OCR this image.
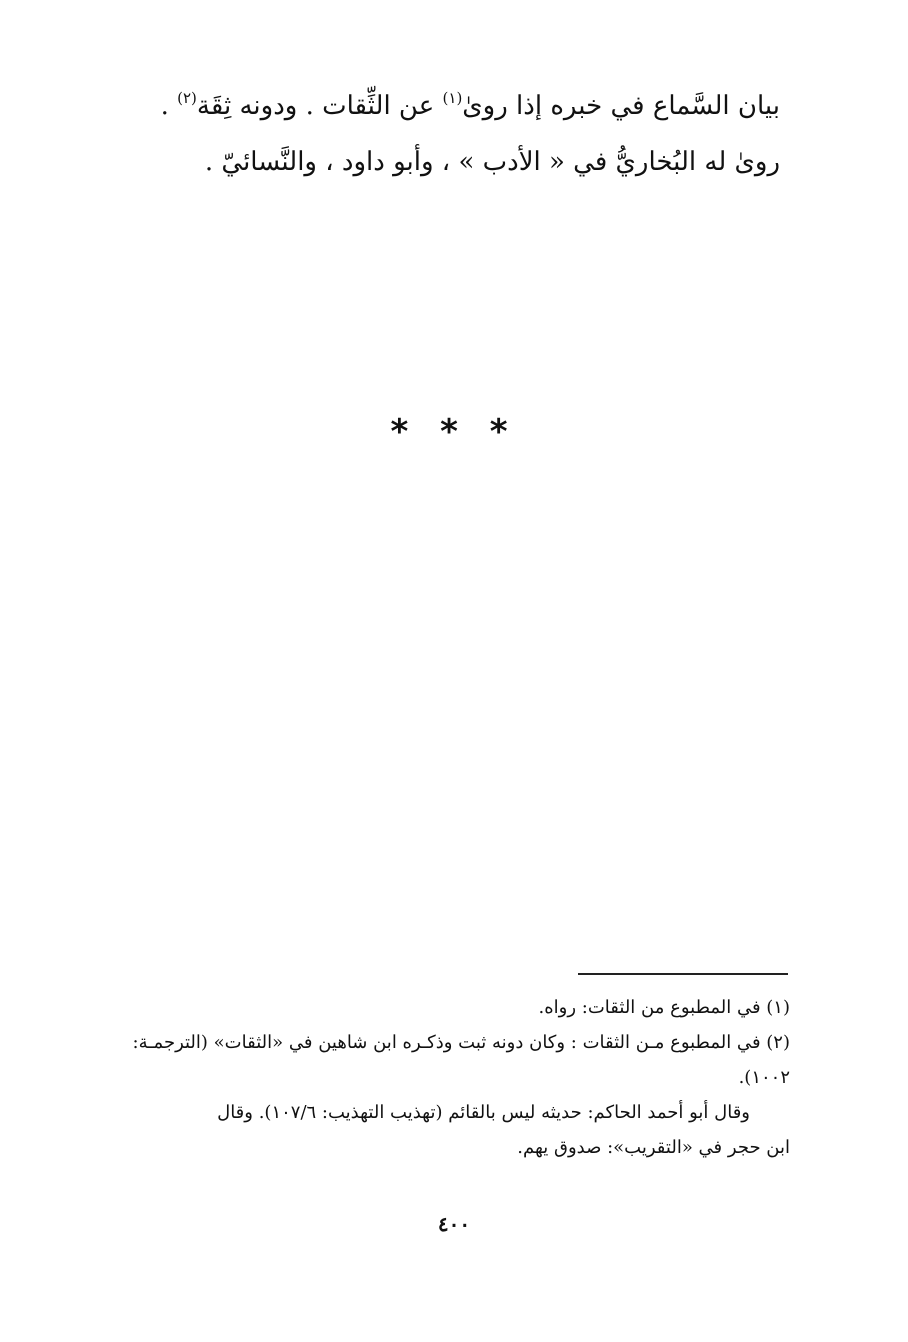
بيان السَّماع في خبره إذا روىٰ$^{(١)}$ عن الثِّقات . ودونه ثِقَة$^{(٢)}$ .
روىٰ له البُخاريُّ في « الأدب » ، وأبو داود ، والنَّسائيّ .
* * *
(١) في المطبوع من الثقات: رواه.
(٢) في المطبوع مـن الثقات : وكان دونه ثبت وذكـره ابن شاهين في «الثقات» (الترجمـة:
١٠٠٢).
وقال أبو أحمد الحاكم: حديثه ليس بالقائم (تهذيب التهذيب: ١٠٧/٦). وقال
ابن حجر في «التقريب»: صدوق يهم.
٤٠٠
